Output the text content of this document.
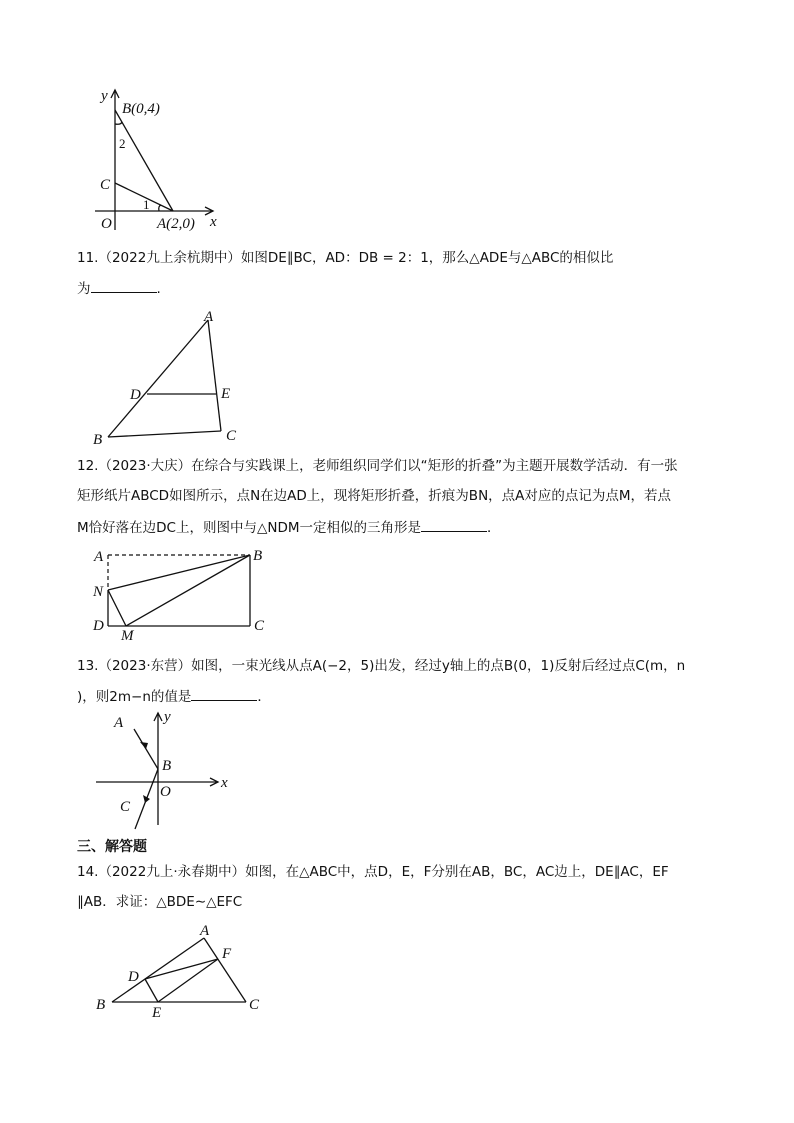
y
B(0,4)
2
C
1
O	A(2,0) x
11.（2022九上余杭期中）如图DE∥BC，AD：DB = 2：1，那么△ADE与△ABC的相似比
为	.
A
D	E
B	C
12.（2023·大庆）在综合与实践课上，老师组织同学们以“矩形的折叠”为主题开展数学活动．有一张
矩形纸片ABCD如图所示，点N在边AD上，现将矩形折叠，折痕为BN，点A对应的点记为点M，若点
M恰好落在边DC上，则图中与△NDM一定相似的三角形是	．
A	B
N
D
M
C
13.（2023·东营）如图，一束光线从点A(−2，5)出发，经过y轴上的点B(0，1)反射后经过点C(m，n
)，则2m−n的值是	．
A	y
B
O
x
C
三、解答题
14.（2022九上·永春期中）如图，在△ABC中，点D，E，F分别在AB，BC，AC边上，DE∥AC，EF
∥AB．求证：△BDE∼△EFC
A
F
D
B	E	C
